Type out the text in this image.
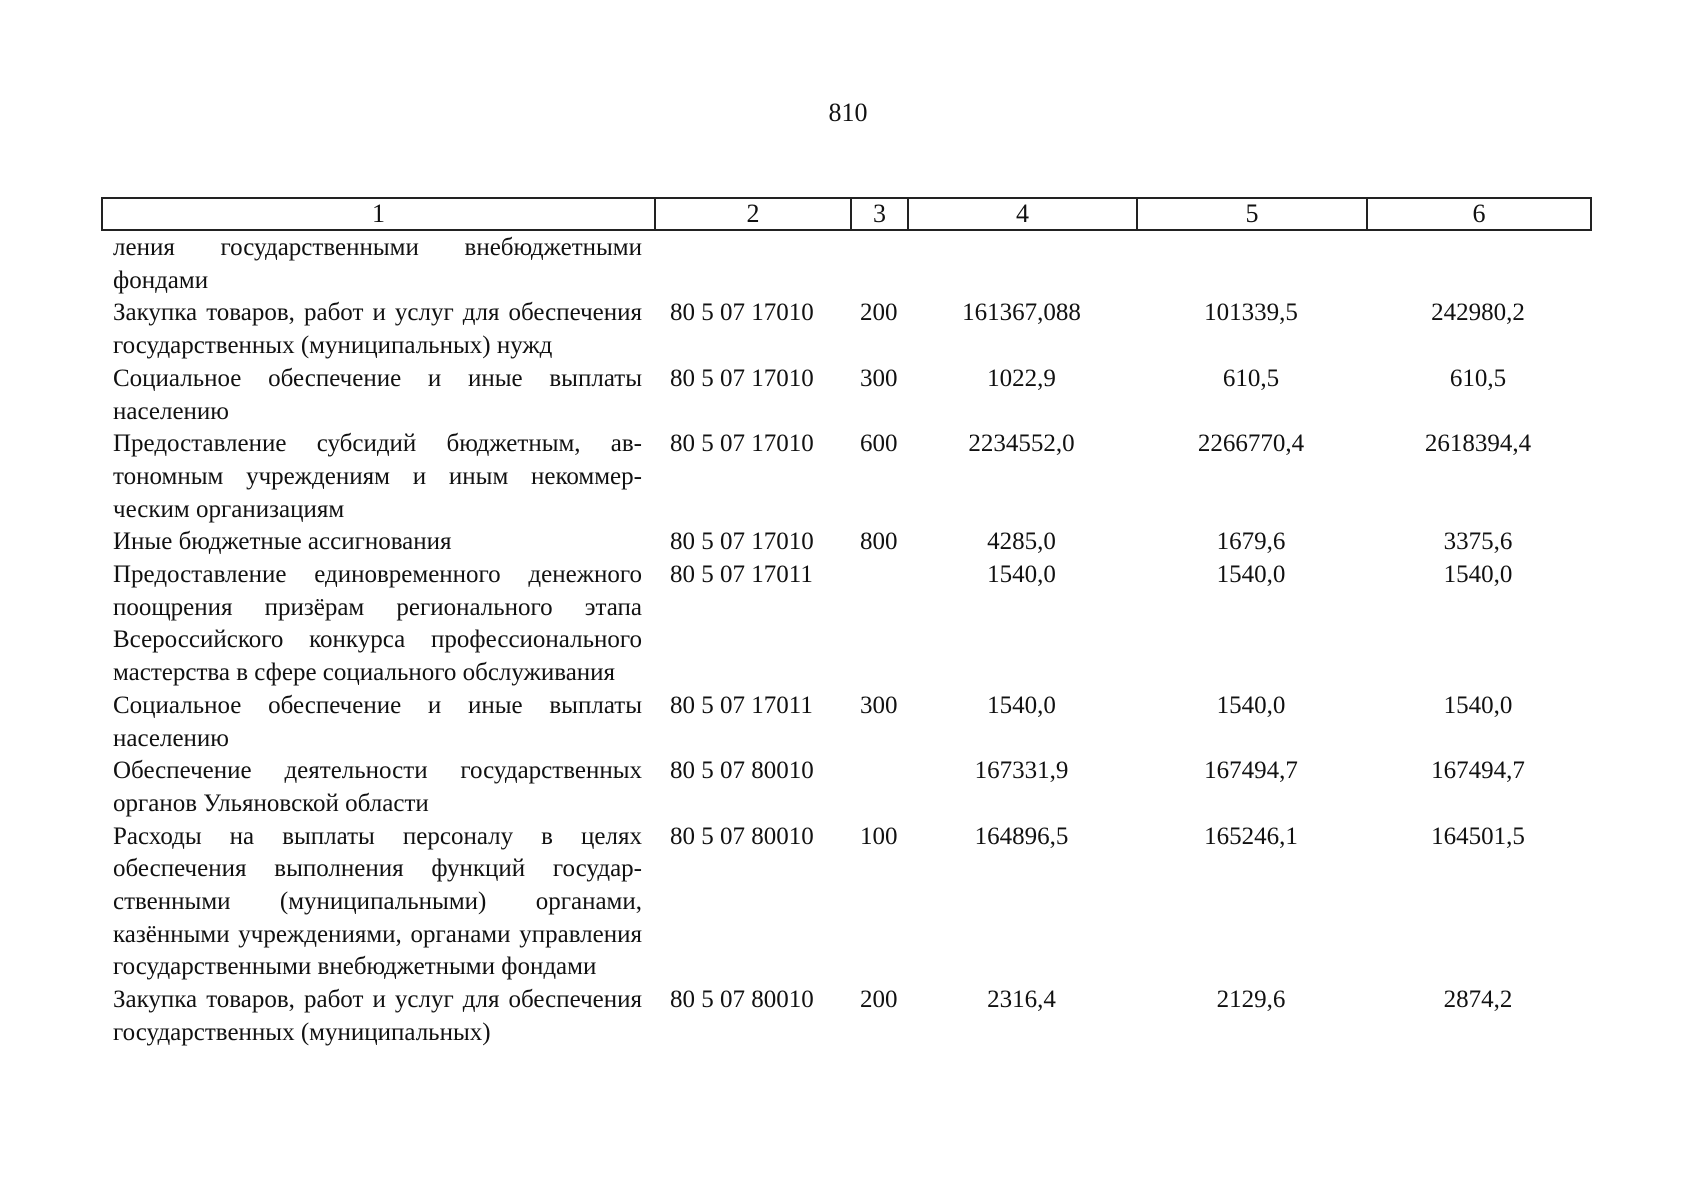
810
1	2	3	4	5	6
ления государственными внебюджетными фондами					
Закупка товаров, работ и услуг для обеспечения государственных (муниципальных) нужд	80 5 07 17010	200	161367,088	101339,5	242980,2
Социальное обеспечение и иные выплаты населению	80 5 07 17010	300	1022,9	610,5	610,5
Предоставление субсидий бюджетным, автономным учреждениям и иным некоммерческим организациям	80 5 07 17010	600	2234552,0	2266770,4	2618394,4
Иные бюджетные ассигнования	80 5 07 17010	800	4285,0	1679,6	3375,6
Предоставление единовременного денежного поощрения призёрам регионального этапа Всероссийского конкурса профессионального мастерства в сфере социального обслуживания	80 5 07 17011		1540,0	1540,0	1540,0
Социальное обеспечение и иные выплаты населению	80 5 07 17011	300	1540,0	1540,0	1540,0
Обеспечение деятельности государственных органов Ульяновской области	80 5 07 80010		167331,9	167494,7	167494,7
Расходы на выплаты персоналу в целях обеспечения выполнения функций государственными (муниципальными) органами, казёнными учреждениями, органами управления государственными внебюджетными фондами	80 5 07 80010	100	164896,5	165246,1	164501,5
Закупка товаров, работ и услуг для обеспечения государственных (муниципальных)	80 5 07 80010	200	2316,4	2129,6	2874,2
